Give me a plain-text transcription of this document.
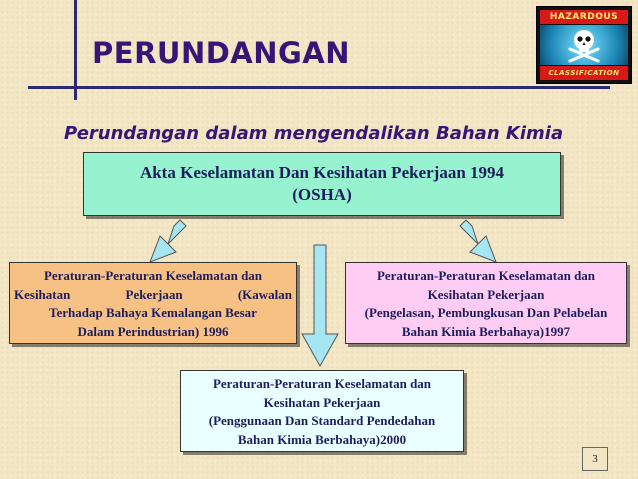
PERUNDANGAN
HAZARDOUS
CLASSIFICATION
Perundangan dalam mengendalikan Bahan Kimia
Akta Keselamatan Dan Kesihatan Pekerjaan 1994
(OSHA)
Peraturan-Peraturan Keselamatan dan
Kesihatan Pekerjaan	(Kawalan
Terhadap Bahaya Kemalangan Besar
Dalam Perindustrian) 1996
Peraturan-Peraturan Keselamatan dan
Kesihatan Pekerjaan
(Pengelasan, Pembungkusan Dan Pelabelan
Bahan Kimia Berbahaya)1997
Peraturan-Peraturan Keselamatan dan
Kesihatan Pekerjaan
(Penggunaan Dan Standard Pendedahan
Bahan Kimia Berbahaya)2000
3
